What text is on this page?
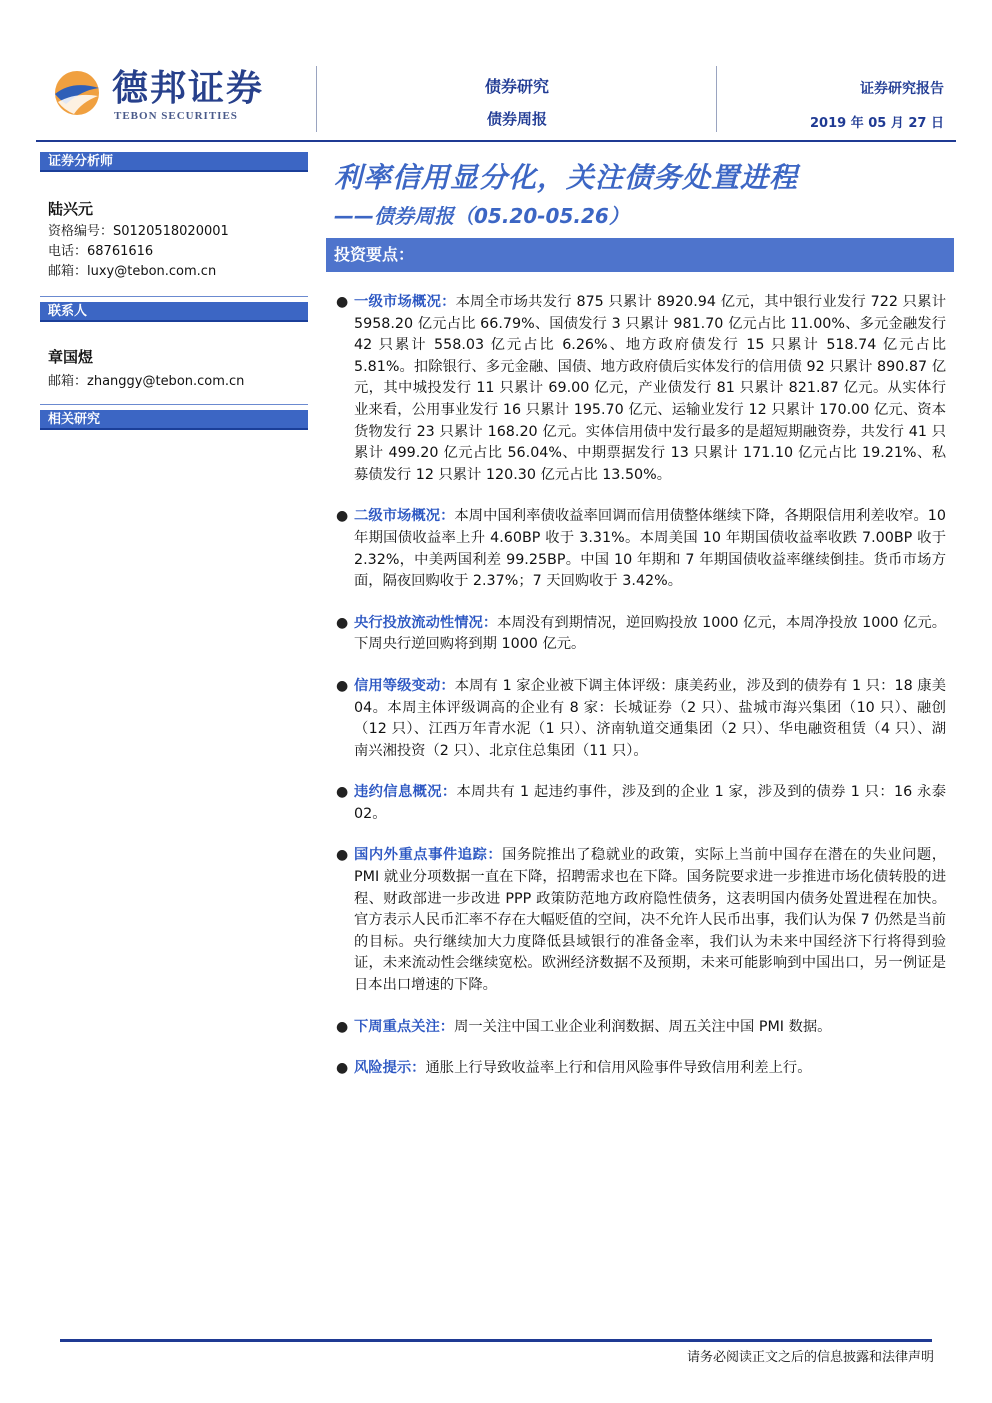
德邦证券
TEBON SECURITIES
债券研究
债券周报
证券研究报告
2019 年 05 月 27 日
证券分析师
陆兴元
资格编号：S0120518020001
电话：68761616
邮箱：luxy@tebon.com.cn
联系人
章国煜
邮箱：zhanggy@tebon.com.cn
相关研究
利率信用显分化，关注债务处置进程
——债券周报（05.20-05.26）
投资要点：
● 一级市场概况：本周全市场共发行 875 只累计 8920.94 亿元，其中银行业发行 722 只累计 5958.20 亿元占比 66.79%、国债发行 3 只累计 981.70 亿元占比 11.00%、多元金融发行 42 只累计 558.03 亿元占比 6.26%、地方政府债发行 15 只累计 518.74 亿元占比 5.81%。扣除银行、多元金融、国债、地方政府债后实体发行的信用债 92 只累计 890.87 亿元，其中城投发行 11 只累计 69.00 亿元，产业债发行 81 只累计 821.87 亿元。从实体行业来看，公用事业发行 16 只累计 195.70 亿元、运输业发行 12 只累计 170.00 亿元、资本货物发行 23 只累计 168.20 亿元。实体信用债中发行最多的是超短期融资券，共发行 41 只累计 499.20 亿元占比 56.04%、中期票据发行 13 只累计 171.10 亿元占比 19.21%、私募债发行 12 只累计 120.30 亿元占比 13.50%。
● 二级市场概况：本周中国利率债收益率回调而信用债整体继续下降，各期限信用利差收窄。10 年期国债收益率上升 4.60BP 收于 3.31%。本周美国 10 年期国债收益率收跌 7.00BP 收于 2.32%，中美两国利差 99.25BP。中国 10 年期和 7 年期国债收益率继续倒挂。货币市场方面，隔夜回购收于 2.37%；7 天回购收于 3.42%。
● 央行投放流动性情况：本周没有到期情况，逆回购投放 1000 亿元，本周净投放 1000 亿元。下周央行逆回购将到期 1000 亿元。
● 信用等级变动：本周有 1 家企业被下调主体评级：康美药业，涉及到的债券有 1 只：18 康美 04。本周主体评级调高的企业有 8 家：长城证券（2 只）、盐城市海兴集团（10 只）、融创（12 只）、江西万年青水泥（1 只）、济南轨道交通集团（2 只）、华电融资租赁（4 只）、湖南兴湘投资（2 只）、北京住总集团（11 只）。
● 违约信息概况：本周共有 1 起违约事件，涉及到的企业 1 家，涉及到的债券 1 只：16 永泰 02。
● 国内外重点事件追踪：国务院推出了稳就业的政策，实际上当前中国存在潜在的失业问题，PMI 就业分项数据一直在下降，招聘需求也在下降。国务院要求进一步推进市场化债转股的进程、财政部进一步改进 PPP 政策防范地方政府隐性债务，这表明国内债务处置进程在加快。官方表示人民币汇率不存在大幅贬值的空间，决不允许人民币出事，我们认为保 7 仍然是当前的目标。央行继续加大力度降低县域银行的准备金率，我们认为未来中国经济下行将得到验证，未来流动性会继续宽松。欧洲经济数据不及预期，未来可能影响到中国出口，另一例证是日本出口增速的下降。
● 下周重点关注：周一关注中国工业企业利润数据、周五关注中国 PMI 数据。
● 风险提示：通胀上行导致收益率上行和信用风险事件导致信用利差上行。
请务必阅读正文之后的信息披露和法律声明
